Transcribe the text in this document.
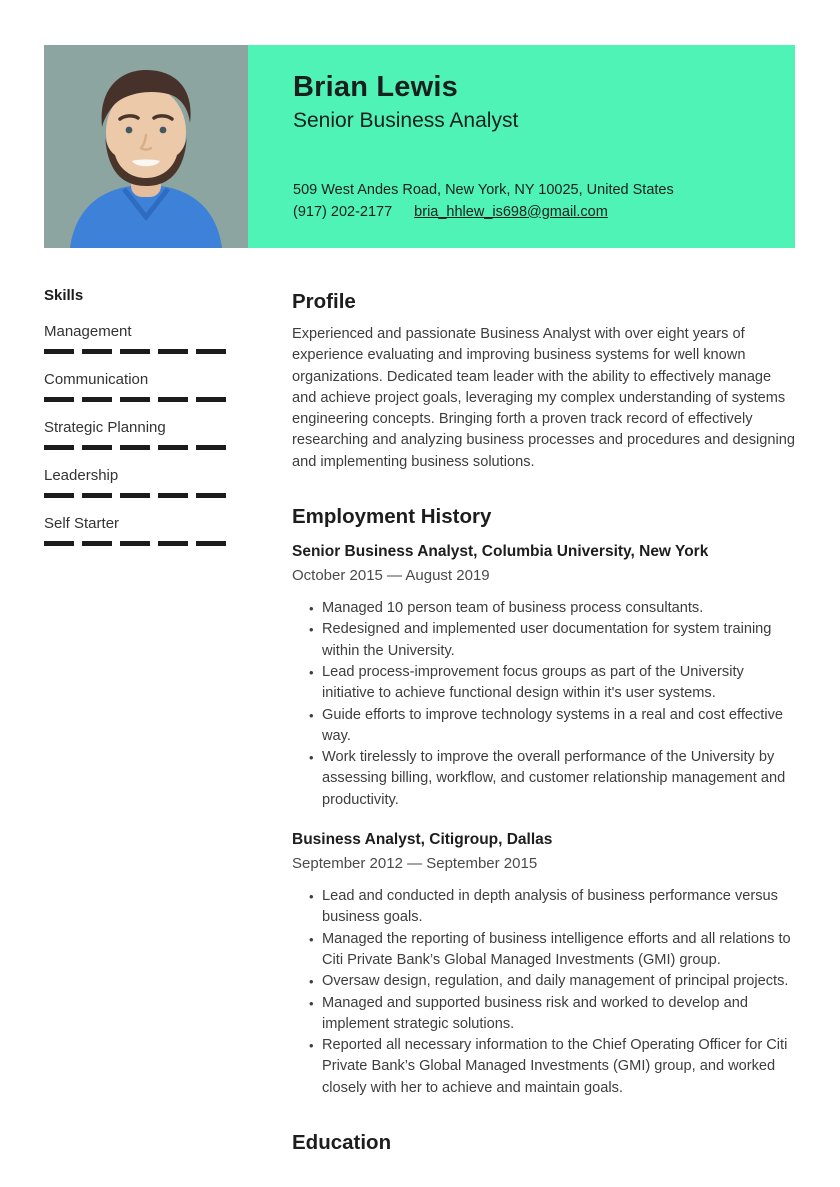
Brian Lewis
Senior Business Analyst
509 West Andes Road, New York, NY 10025, United States
(917) 202-2177 bria_hhlew_is698@gmail.com
Skills
Management
Communication
Strategic Planning
Leadership
Self Starter
Profile

Experienced and passionate Business Analyst with over eight years of experience evaluating and improving business systems for well known organizations. Dedicated team leader with the ability to effectively manage and achieve project goals, leveraging my complex understanding of systems engineering concepts. Bringing forth a proven track record of effectively researching and analyzing business processes and procedures and designing and implementing business solutions.

Employment History
Senior Business Analyst, Columbia University, New York
October 2015 — August 2019
• Managed 10 person team of business process consultants.
• Redesigned and implemented user documentation for system training within the University.
• Lead process-improvement focus groups as part of the University initiative to achieve functional design within it's user systems.
• Guide efforts to improve technology systems in a real and cost effective way.
• Work tirelessly to improve the overall performance of the University by assessing billing, workflow, and customer relationship management and productivity.
Business Analyst, Citigroup, Dallas
September 2012 — September 2015
• Lead and conducted in depth analysis of business performance versus business goals.
• Managed the reporting of business intelligence efforts and all relations to Citi Private Bank’s Global Managed Investments (GMI) group.
• Oversaw design, regulation, and daily management of principal projects.
• Managed and supported business risk and worked to develop and implement strategic solutions.
• Reported all necessary information to the Chief Operating Officer for Citi Private Bank’s Global Managed Investments (GMI) group, and worked closely with her to achieve and maintain goals.
Education
